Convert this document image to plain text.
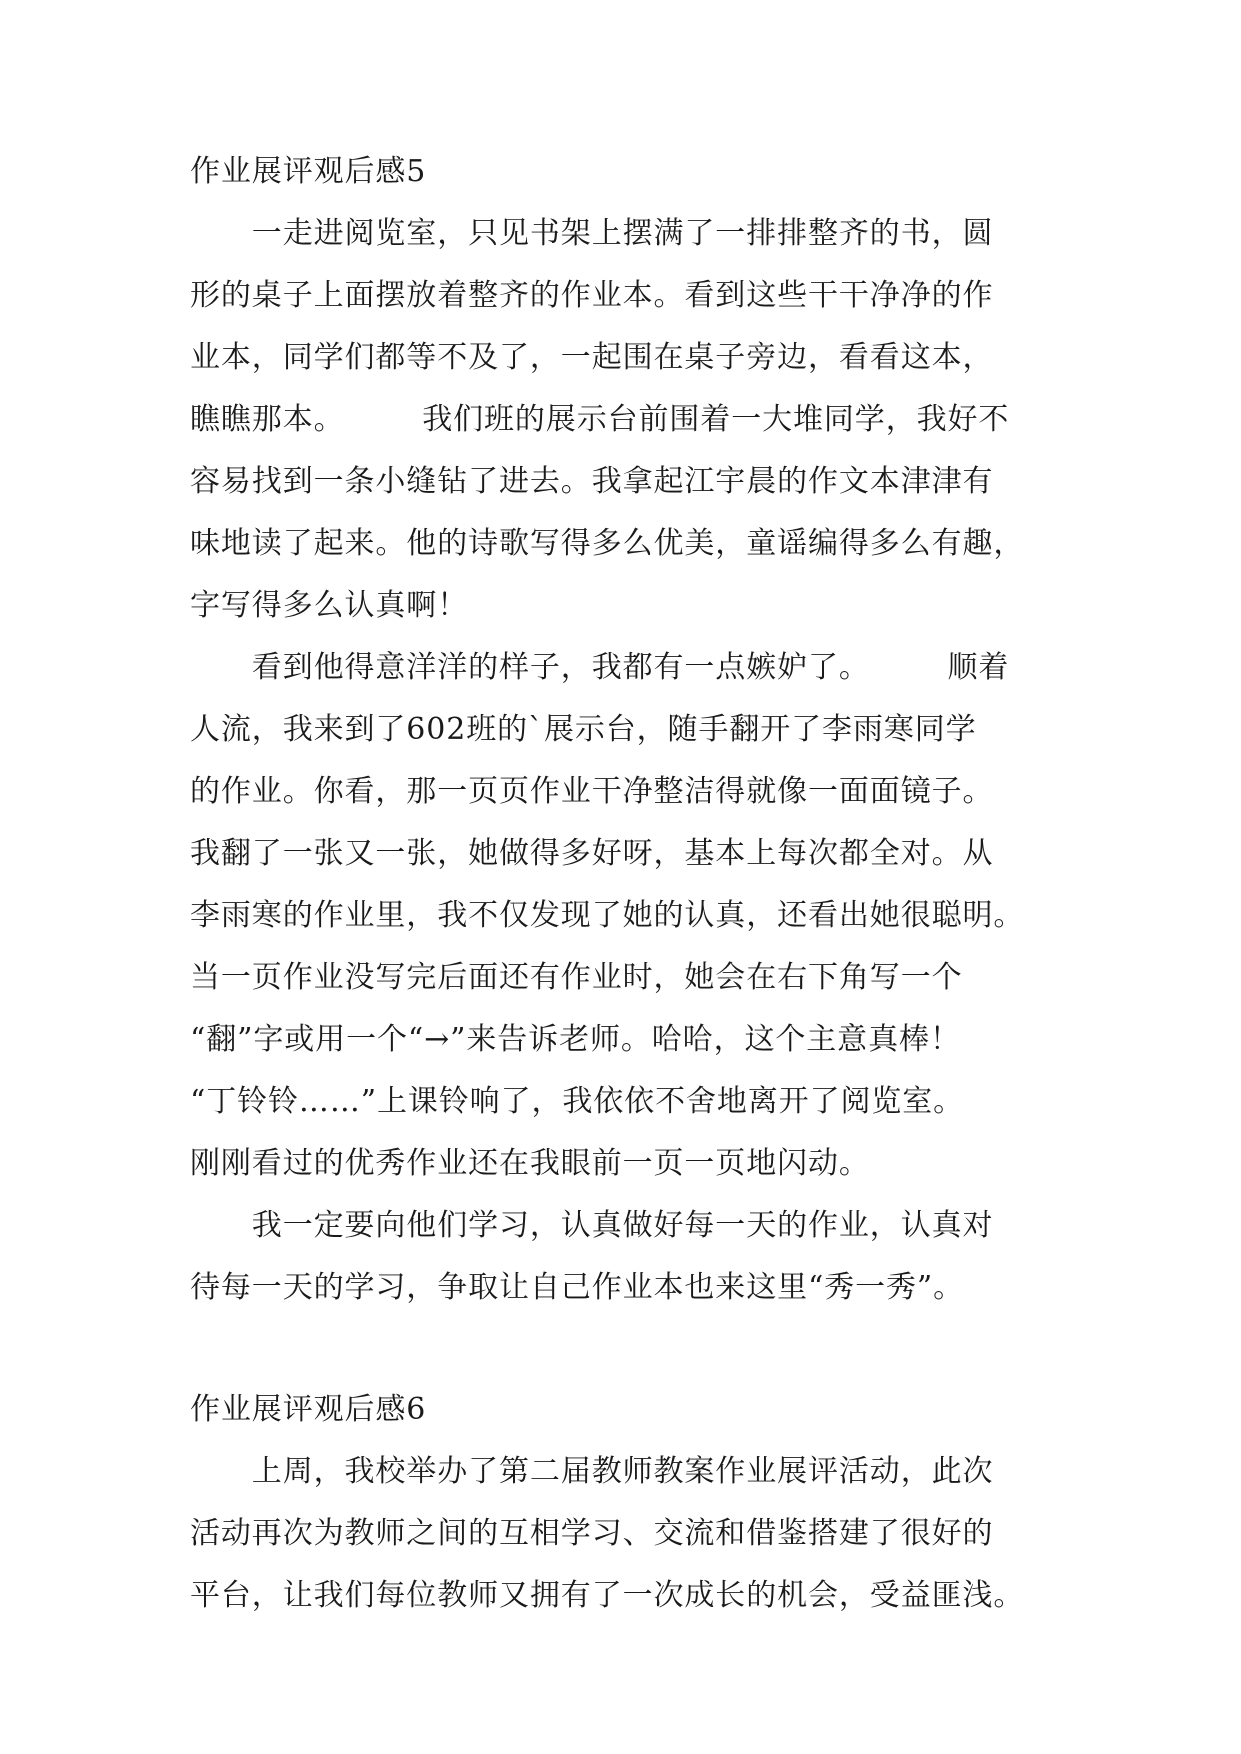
作业展评观后感5
　　一走进阅览室，只见书架上摆满了一排排整齐的书，圆
形的桌子上面摆放着整齐的作业本。看到这些干干净净的作
业本，同学们都等不及了，一起围在桌子旁边，看看这本，
瞧瞧那本。　　　我们班的展示台前围着一大堆同学，我好不
容易找到一条小缝钻了进去。我拿起江宇晨的作文本津津有
味地读了起来。他的诗歌写得多么优美，童谣编得多么有趣，
字写得多么认真啊！
　　看到他得意洋洋的样子，我都有一点嫉妒了。　　　顺着
人流，我来到了602班的`展示台，随手翻开了李雨寒同学
的作业。你看，那一页页作业干净整洁得就像一面面镜子。
我翻了一张又一张，她做得多好呀，基本上每次都全对。从
李雨寒的作业里，我不仅发现了她的认真，还看出她很聪明。
当一页作业没写完后面还有作业时，她会在右下角写一个
“翻”字或用一个“→”来告诉老师。哈哈，这个主意真棒！
“丁铃铃……”上课铃响了，我依依不舍地离开了阅览室。
刚刚看过的优秀作业还在我眼前一页一页地闪动。
　　我一定要向他们学习，认真做好每一天的作业，认真对
待每一天的学习，争取让自己作业本也来这里“秀一秀”。
作业展评观后感6
　　上周，我校举办了第二届教师教案作业展评活动，此次
活动再次为教师之间的互相学习、交流和借鉴搭建了很好的
平台，让我们每位教师又拥有了一次成长的机会，受益匪浅。
